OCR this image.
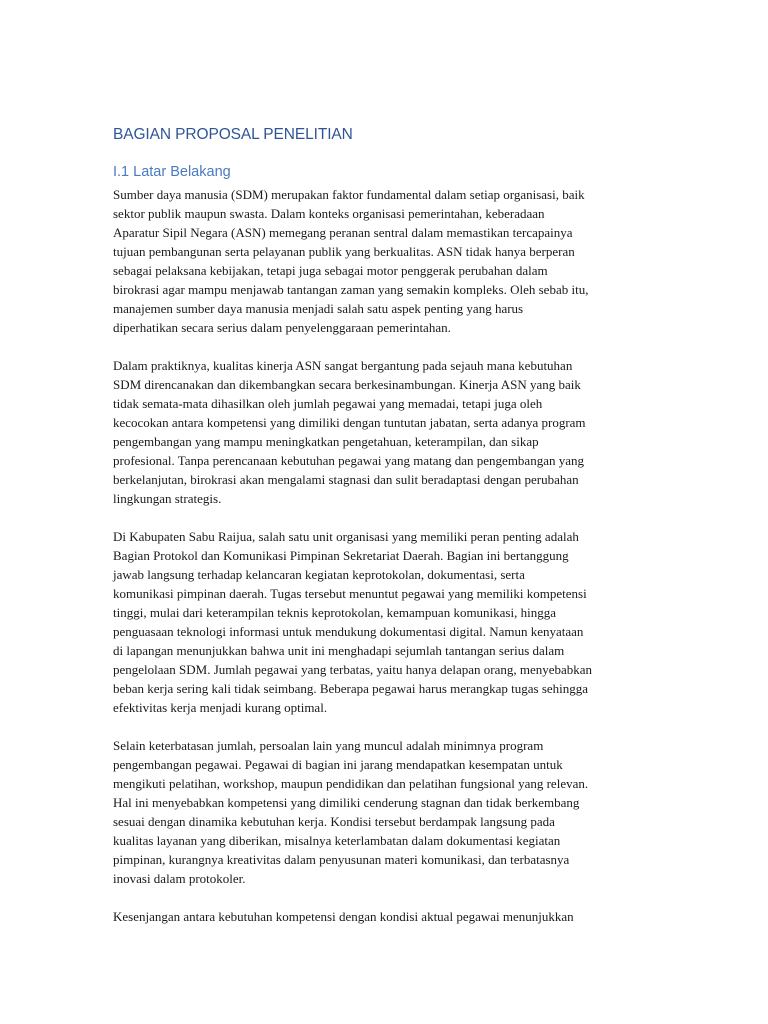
BAGIAN PROPOSAL PENELITIAN
I.1 Latar Belakang

Sumber daya manusia (SDM) merupakan faktor fundamental dalam setiap organisasi, baik
sektor publik maupun swasta. Dalam konteks organisasi pemerintahan, keberadaan
Aparatur Sipil Negara (ASN) memegang peranan sentral dalam memastikan tercapainya
tujuan pembangunan serta pelayanan publik yang berkualitas. ASN tidak hanya berperan
sebagai pelaksana kebijakan, tetapi juga sebagai motor penggerak perubahan dalam
birokrasi agar mampu menjawab tantangan zaman yang semakin kompleks. Oleh sebab itu,
manajemen sumber daya manusia menjadi salah satu aspek penting yang harus
diperhatikan secara serius dalam penyelenggaraan pemerintahan.

Dalam praktiknya, kualitas kinerja ASN sangat bergantung pada sejauh mana kebutuhan
SDM direncanakan dan dikembangkan secara berkesinambungan. Kinerja ASN yang baik
tidak semata-mata dihasilkan oleh jumlah pegawai yang memadai, tetapi juga oleh
kecocokan antara kompetensi yang dimiliki dengan tuntutan jabatan, serta adanya program
pengembangan yang mampu meningkatkan pengetahuan, keterampilan, dan sikap
profesional. Tanpa perencanaan kebutuhan pegawai yang matang dan pengembangan yang
berkelanjutan, birokrasi akan mengalami stagnasi dan sulit beradaptasi dengan perubahan
lingkungan strategis.

Di Kabupaten Sabu Raijua, salah satu unit organisasi yang memiliki peran penting adalah
Bagian Protokol dan Komunikasi Pimpinan Sekretariat Daerah. Bagian ini bertanggung
jawab langsung terhadap kelancaran kegiatan keprotokolan, dokumentasi, serta
komunikasi pimpinan daerah. Tugas tersebut menuntut pegawai yang memiliki kompetensi
tinggi, mulai dari keterampilan teknis keprotokolan, kemampuan komunikasi, hingga
penguasaan teknologi informasi untuk mendukung dokumentasi digital. Namun kenyataan
di lapangan menunjukkan bahwa unit ini menghadapi sejumlah tantangan serius dalam
pengelolaan SDM. Jumlah pegawai yang terbatas, yaitu hanya delapan orang, menyebabkan
beban kerja sering kali tidak seimbang. Beberapa pegawai harus merangkap tugas sehingga
efektivitas kerja menjadi kurang optimal.

Selain keterbatasan jumlah, persoalan lain yang muncul adalah minimnya program
pengembangan pegawai. Pegawai di bagian ini jarang mendapatkan kesempatan untuk
mengikuti pelatihan, workshop, maupun pendidikan dan pelatihan fungsional yang relevan.
Hal ini menyebabkan kompetensi yang dimiliki cenderung stagnan dan tidak berkembang
sesuai dengan dinamika kebutuhan kerja. Kondisi tersebut berdampak langsung pada
kualitas layanan yang diberikan, misalnya keterlambatan dalam dokumentasi kegiatan
pimpinan, kurangnya kreativitas dalam penyusunan materi komunikasi, dan terbatasnya
inovasi dalam protokoler.

Kesenjangan antara kebutuhan kompetensi dengan kondisi aktual pegawai menunjukkan
